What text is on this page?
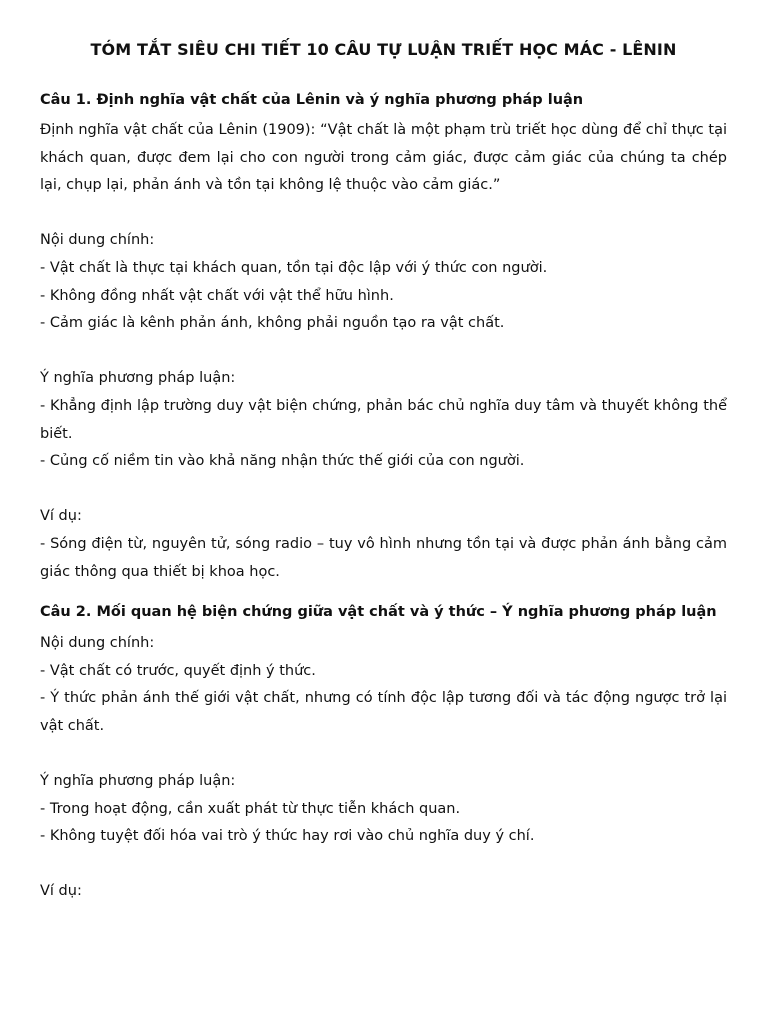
TÓM TẮT SIÊU CHI TIẾT 10 CÂU TỰ LUẬN TRIẾT HỌC MÁC - LÊNIN
Câu 1. Định nghĩa vật chất của Lênin và ý nghĩa phương pháp luận

Định nghĩa vật chất của Lênin (1909): “Vật chất là một phạm trù triết học dùng để chỉ thực tại khách quan, được đem lại cho con người trong cảm giác, được cảm giác của chúng ta chép lại, chụp lại, phản ánh và tồn tại không lệ thuộc vào cảm giác.”

Nội dung chính:

- Vật chất là thực tại khách quan, tồn tại độc lập với ý thức con người.

- Không đồng nhất vật chất với vật thể hữu hình.

- Cảm giác là kênh phản ánh, không phải nguồn tạo ra vật chất.

Ý nghĩa phương pháp luận:

- Khẳng định lập trường duy vật biện chứng, phản bác chủ nghĩa duy tâm và thuyết không thể biết.

- Củng cố niềm tin vào khả năng nhận thức thế giới của con người.

Ví dụ:

- Sóng điện từ, nguyên tử, sóng radio – tuy vô hình nhưng tồn tại và được phản ánh bằng cảm giác thông qua thiết bị khoa học.

Câu 2. Mối quan hệ biện chứng giữa vật chất và ý thức – Ý nghĩa phương pháp luận

Nội dung chính:

- Vật chất có trước, quyết định ý thức.

- Ý thức phản ánh thế giới vật chất, nhưng có tính độc lập tương đối và tác động ngược trở lại vật chất.

Ý nghĩa phương pháp luận:

- Trong hoạt động, cần xuất phát từ thực tiễn khách quan.

- Không tuyệt đối hóa vai trò ý thức hay rơi vào chủ nghĩa duy ý chí.

Ví dụ:
